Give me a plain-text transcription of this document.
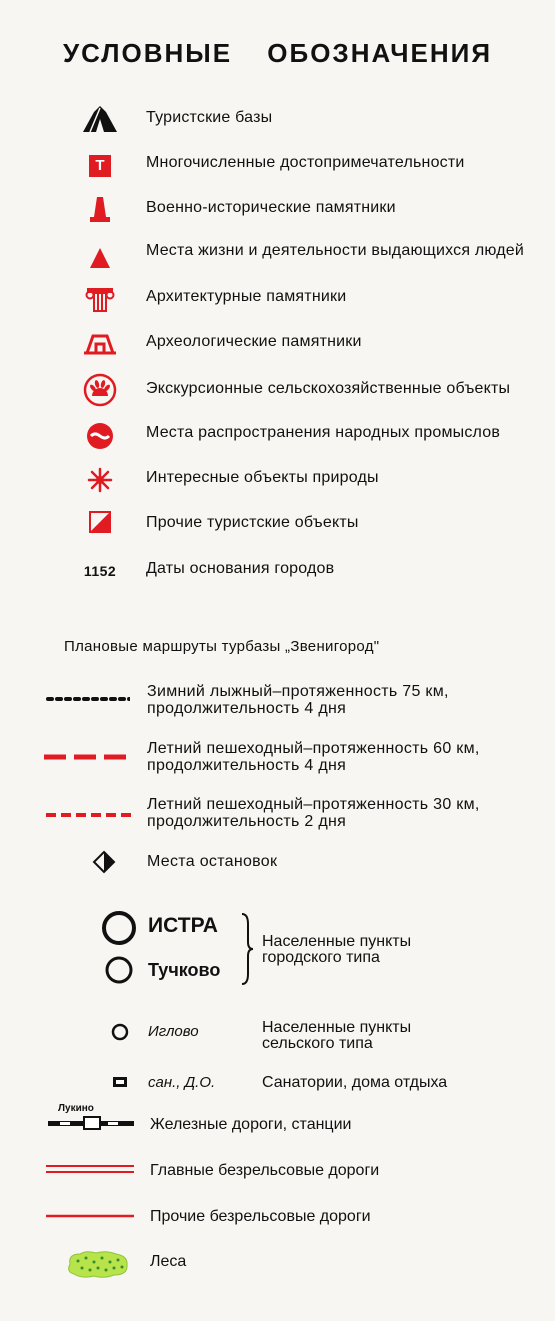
УСЛОВНЫЕ ОБОЗНАЧЕНИЯ
Туристские базы
Т	Многочисленные достопримечательности
Военно-исторические памятники
Места жизни и деятельности выдающихся людей
Архитектурные памятники
Археологические памятники
Экскурсионные сельскохозяйственные объекты
Места распространения народных промыслов
Интересные объекты природы
Прочие туристские объекты
1152	Даты основания городов
Плановые маршруты турбазы „Звенигород"
Зимний лыжный–протяженность 75 км, продолжительность 4 дня
Летний пешеходный–протяженность 60 км, продолжительность 4 дня
Летний пешеходный–протяженность 30 км, продолжительность 2 дня
Места остановок
ИСТРА
Тучково
Населенные пункты городского типа
Иглово	Населенные пункты сельского типа
сан., Д.О.	Санатории, дома отдыха
Лукино
Железные дороги, станции
Главные безрельсовые дороги
Прочие безрельсовые дороги
Леса
